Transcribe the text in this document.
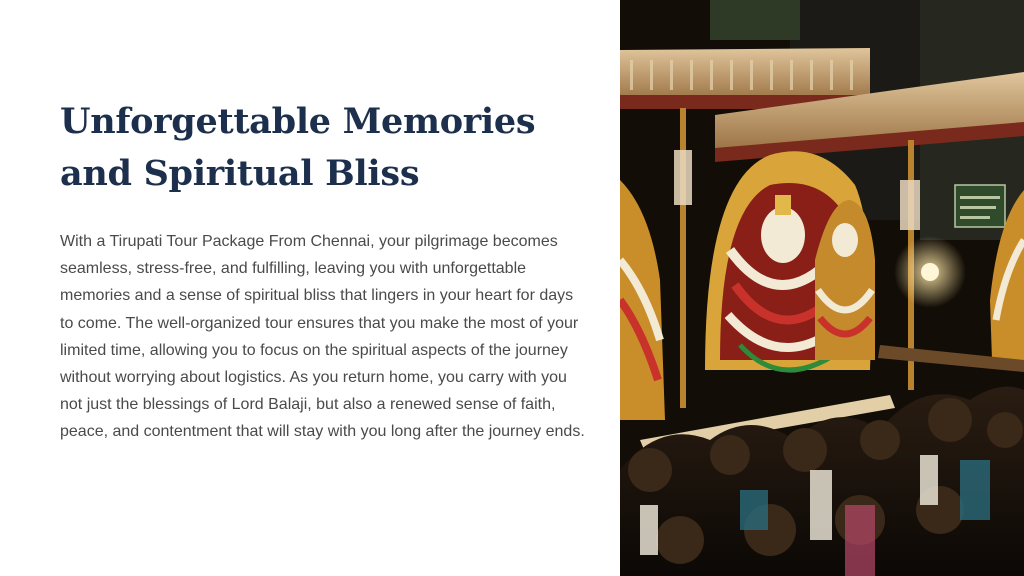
Unforgettable Memories and Spiritual Bliss

With a Tirupati Tour Package From Chennai, your pilgrimage becomes seamless, stress-free, and fulfilling, leaving you with unforgettable memories and a sense of spiritual bliss that lingers in your heart for days to come. The well-organized tour ensures that you make the most of your limited time, allowing you to focus on the spiritual aspects of the journey without worrying about logistics. As you return home, you carry with you not just the blessings of Lord Balaji, but also a renewed sense of faith, peace, and contentment that will stay with you long after the journey ends.
